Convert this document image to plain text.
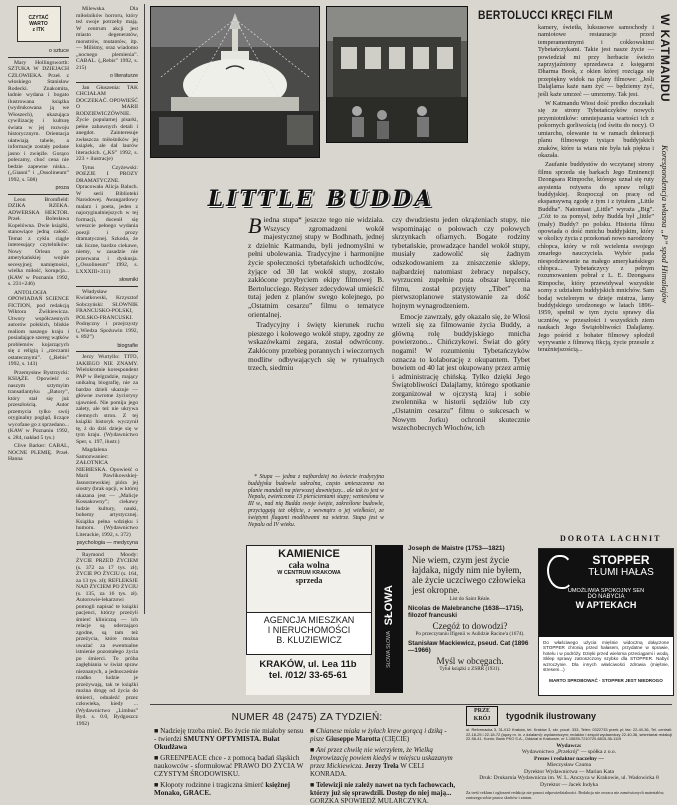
CZYTAĆ
WARTO
z ITK
o sztuce

Mary Hollingsworth: SZTUKA W DZIEJACH CZŁOWIEKA. Przeł. z włoskiego Stanisław Rodecki. Znakomita, ładnie wydana i bogato ilustrowana książka (wydrukowana ją we Włoszech), ukazująca cywilizację i kulturę świata w jej rozwoju historycznym. Orientacja ułatwiają tabele, a informacje zostały podane jasno i zwięźle. Gorąco polecamy, choć cena nie bedzie zapewne niska... („Gianni” i „Ossolineum” 1992, s. 508)

proza

Leon Bromfield: DZIKA RZEKA. ADWERSKA HEKTOR. Przeł. Bolesława Kopelówna. Dwie książki, stanowiące jedną całość. Temat z cyklu ciągle interesujący czytelników: Nowy Orlean po amerykańskiej wojnie secesyjnej; namiętności, wielka miłość, korupcja... (KAW w Poznaniu 1992, s. 231+246)

ANTOLOGIA OPOWIADAŃ SCIENCE FICTION, pod redakcją Wiktora Żwikiewicza. Utwory współczesnych autorów polskich, bliskie realiom naszego kraju i posiadające szereg wątków problemów kojarzących się z religią i „rzeczami ostatecznymi”. („Rebis” 1992, s. 143)

Przemysław Bystrzycki: KSIĄŻE. Opowieść o naszym sztymyim transatlantyku „Batory”, który stał się już przeszłością. Autor przemycia tylko swój oryginalny pogląd, liczące wycofane go z sprzedano... (KAW w Poznaniu 1992, s. 284, nakład 5 tys.)

Clive Barker: CABAL, NOCNE PLEMIĘ. Przeł. Hanna

Milewska. Dla miłośników horroru, który też swoje potrzeby mają. W centrum akcji jest miasto degeneratów, monstrów, mutantów, itp. — Miliśmy, oraz wiadomo „nocnego plemienia”. CABAL. („Rebis” 1992, s. 215)

o literaturze

Jan Głuszenia: TAK CHCIAŁAM DOCZEKAĆ. OPOWIEŚĆ O MARII RODZIEWICZÓWNIE. Życie popularnej pisarki, pełne zabawnych detali i anegdot. Zainteresuje zwłaszcza miłośników jej książek, ale dal laurów literackich. („KS” 1992, s. 223 + ilustracje)

Tytus Czyżewski: POEZJE I PROZY DRAMATYCZNE. Opracowała Alicja Baluch. W serii Biblioteki Narodowej. Awangardowy malarz i poeta, jeden z najoryginalniejszych w tej formacji, docenił się wreszcie pełnego wydania poezji i prozy dramatycznej. Szkoda, że tak liczne, bardzo ciekawe, niemy, w zasadzie nie przerwana i dyskusja. („Ossolineum” 1992, s. LXXXIII+311)

słowniki

Władysław Kwiatkowski, Krzysztof Sobczyński: SŁOWNIK FRANCUSKO-POLSKI, POLSKO-FRANCUSKI. Podręczny i przejrzysty („Wiedza Spożuwin 1992, s. 892”)

biografie

Jerzy Wurtyllo: TITO, JAKIEGO NIE ZNAMY. Wielokrotnie korespondent PAP w Belgradzie, mający unikalną biografię, nie za bardzo dzieli ukazuje — główne zwrotne życiorysy ujawnień. Nie pomija jego zalety, ale też nie ukrywa ciemnych stron. Z tej książki historyk wyczynił tę, ż do dziś dzieje się w tym kraju. (Wydawnictwo Sper, s. 197, ilustr.)

Magdalena Samozwaniec: ZAŁOTNICA NIEBIESKA. Opowieść o Marii Pawlikowskiej-Jasnorzewskiej pióra jej siostry (brak opcji, w której ukazana jest — „Malicje Kossakowny”; ciekawy ludzie kultury, nauki, bohemy artystycznej. Książka pełna wdzięku i humoru. (Wydawnictwo Literackie, 1992, s. 372)

psychologia — medycyna

Raymond Moody: ŻYCIE PRZED ŻYCIEM (s. 372 za 17 tys. zł); ŻYCIE PO ŻYCIU (s. 164, za 13 tys. zł); REFLEKSJE NAD ŻYCIEM PO ŻYCIU (s. 135, za 16 tys. zł). Autorowie-lekarzowi pomogli napisać te książki pacjenci, którzy przeżyli śmierć kliniczną — ich relacje są uderzająco zgodne, są tam też przeżycia, które można uważać za ewentualne istnienie pozostałego życia po śmierci. To próba zagłębiania w świat spraw nieznanych, a jednocześnie rzadko ludzie je przeżywają, tak te książki można drogę od życia do śmierci, odnaleźć przez człowieka, kiedy ... (Wydawnictwo „Limbus” Byd. s. 0.0, Bydgoszcz 1992)

BERTOLUCCI KRĘCI FILM	W KATMANDU
Korespondencja własna „P” spod Himalajów
LITTLE BUDDA

Biedna stupa* jeszcze tego nie widziała. Wszyscy zgromadzeni wokół majestycznej stupy w Bodhnath, jednej z dzielnic Katmandu, byli jednomyślni w pełni ubolewania. Tradycyjne i harmonijne życie społeczności tybetańskich uchodźców, żyjące od 30 lat wokół stupy, zostało zakłócone przybyciem ekipy filmowej B. Bertolucciego. Reżyser zdecydował umieścić tutaj jeden z planów swego kolejnego, po „Ostatnim cesarzu” filmu o tematyce orientalnej.

Tradycyjny i święty kierunek ruchu pieszego i kołowego wokół stupy, zgodny ze wskazówkami zegara, został odwrócony. Zakłócony przebieg porannych i wieczornych modlitw odbywających się w rytualnych trzech, siedmiu

* Stupa — jedna z najbardziej na świecie tradycyjna buddyjska budowla sakralna, często umieszczona na planie mandali na pierwszej dawniejszy... ale tak to jest w Nepalu, zwieńczona 13 pierścieniami stupy; wzniesiona w III w., nad nią Budda swoje święte, zakreślone budowle, przyciągają też obficie, z wewnątrz o jej wielkości, ze świętymi flagami modlitwami na wietrze. Stupa jest w Nepalu od IV wieku.

czy dwudziestu jeden okrążeniach stupy, nie wspominając o połowach czy połowych skrzynkach ofiarnych. Bogate rodziny tybetańskie, prowadzące handel wokół stupy, musiały zadowolić się żadnym odszkodowaniem za zniszczenie sklepy, najbardziej natomiast żebracy nepalscy, wyrzuceni zupełnie poza obszar kręcenia filmu, został przyjęty „Tibet” na pierwszoplanowe statystowanie za dość hojnym wynagrodzeniem.

Emocje zawrzały, gdy okazało się, że Włosi wrzeli się za filmowanie życia Buddy, a główną rolę buddyjskiego mnicha powierzono... Chińczykowi. Świat do góry nogami! W rozumieniu Tybetańczyków oznacza to kolaborację z okupantem. Tybet bowiem od 40 lat jest okupowany przez armię i administrację chińską. Tylko dzięki Jego Świątobliwości Dalajlamy, którego spotkanie zorganizował w ojczystą kraj i sobie zwolennika w historii sędziów lub czy „Ostatnim cesarzu” filmu o sukcesach w Nowym Jorku) ochronił skutecznie wszechobecnych Włochów, ich

kamery, świetła, luksusowe samochody i namiotowe restauracje przed temperamentnymi i cokkowskimi Tybetańczykami. Takie jest nasze życie — powiedział mi przy herbacie świeżo zaprzyjaźniony sprzedawca z księgarni Dharma Book, z okien której rozciąga się przepiękny widok na plany filmowe: „Jeśli Dalajlama każe nam żyć — będziemy żyć, jeśli każe umrzeć — umrzemy. Tak jest.

W Katmandu Wiosi dość predko doczekali się ze strony Tybetańczyków nowych przymiotników: umniejszania wartości ich z pokornych gorliwością (od świtu do nocy). O umiarchu, olewanie tu w ramach dekoracji planu filmowego tysiące buddyjskich znaków, które ta wiara nie była tak piękna i okazała.

Zaufanie buddystów do wczytanej strony filmu sprzeda się barkach Jego Eminencji Dzongsara Rimpoche, którego uznał się ruty asystenta reżysera do spraw religii buddyjskiej. Rozpoczął on pracę od ekspansywną zgodę z tym i z tytułem „Little Buddha”. Natomiast „Little” wyraża „Big”. „Cóż to za pomysł, żeby Budda był „little” (mały) Buddy? po polsku. Historia filmu opowiada o dość mnichu buddyjskim, który w okolicy życia z przekonań nowo narodzony chłopca, który w roli wcielenia swojego zmarłego nauczyciela. Wybór pada niespodziewanie na małego amerykańskiego chłopca... Tybetańczycy z pełnym rozumowaniem pobrał z L. E. Dzongsara Rimpoche, który przewidywał wszystkie sceny z udziałem buddyjskich mnichów. Sam bodaj wcielonym w dzieje mistrza, lamy buddyjskiego urodzonego w latach 1896–1959, spełnił w tym życiu sprawy dla uczniów, w przeszłości i wszystkich ziem naukach Jego Świątobliwości Dalajlamy. Jego pośród z bohater filmowy spłodził wyrywanie z filmową fikcją, życie przeszłe z teraźniejszością...

DOROTA LACHNIT
KAMIENICE
cała wolna
W CENTRUM KRAKOWA
sprzeda
AGENCJA MIESZKAN
I NIERUCHOMOŚCI
B. KLUZIEWICZ
KRAKÓW, ul. Lea 11b
tel. /012/ 33-65-61
SŁOWA
SŁOWA SŁOWA
Joseph de Maistre (1753—1821)
Nie wiem, czym jest życie łajdaka, nigdy nim nie byłem, ale życie uczciwego człowieka jest okropne.
List do Saint Réale.
Nicolas de Malebranche (1638—1715), filozof francuski
Czegóż to dowodzi?
Po przeczytaniu Ifigenii w Aulidzie Racine'a (1674).
Stanisław Mackiewicz, pseud. Cat (1896—1966)
Myśl w obcęgach.
Tytuł książki z ZSRR (1931).
STOPPER
TŁUMI HAŁAS
UMOŻLIWIA SPOKOJNY SEN
DO NABYCIA
W APTEKACH
Do właściwego użycia mięśnie widoczną dołączone STOPPER chronią przed hałasem, przydatne w sprawie, hotelu i w podróży. Dzięki przed wieloma przeciągami i wodą. Sklep sprawy zatroszczony szybko dla STOPPER. Nabyć wzroczynie. Dla innych właściwości zdrowia (mięśnie, stresem...)
MARTO SPROBOWAĆ · STOPPER JEST NIEDROGO
NUMER 48 (2475) ZA TYDZIEŃ:
■ Nadzieję trzeba mieć. Bo życie nie miałoby sensu - twierdzi SMUTNY OPTYMISTA. Bułat Okudżawa
■ GREENPEACE chce - z pomocą badań śląskich naukowców - sformułować PRAWO DO ŻYCIA W CZYSTYM ŚRODOWISKU.
■ Kłopoty rodzinne i tragiczna śmierć księżnej Monako, GRACE.
■ Chianese miała w żyłach krew gorącą i dziką - pisze Giuseppe Marotta (CIĘCIE)
■ Ani przez chwilę nie wierzyłem, że Wielką Improwizację powiem kiedyś w miejscu uskazanym przez Mickiewicza. Jerzy Treła W CELI KONRADA.
■ Telewizji nie zależy nawet na tych fachowcach, którzy już się sprawdzili. Dostęp do niej mają... GORZKA SPOWIEDŹ MULARCZYKA.
PRZE
KRÓJ	tygodnik ilustrowany
ul. Reformacka 3, 31-012 Kraków, tel. Kraków 3, skr. poczt. 333, Telex: 0322733 przek pl; fax: 22-40-36, Tel. centrali: 22-18-25 i 22-18-72 (łączy m. in. z działami): wydawniczym; redaktor i zespół wydawniczy 22-40-36, sekretariat redakcji 22-58-41. Konto: Bank PKO S.A., Oddział w Krakowie, nr 1.15639-7210720-6815-36-1119
Wydawca:
Wydawnictwo „Przekrój” — spółka z o.o.
Prezes i redaktor naczelny —
Mieczysław Czuma
Dyrektor Wydawnictwa — Marian Kata
Druk: Drukarnia Wydawnicza im. W. L. Anczyca w Krakowie, ul. Wadowicka 8
Dyrektor — Jacek Indyka
Za treść reklam i ogłoszeń redakcja nie ponosi odpowiedzialności. Redakcja nie zwraca nie zamówionych materiałów, zastrzega sobie prawo skrótów i zmian.
